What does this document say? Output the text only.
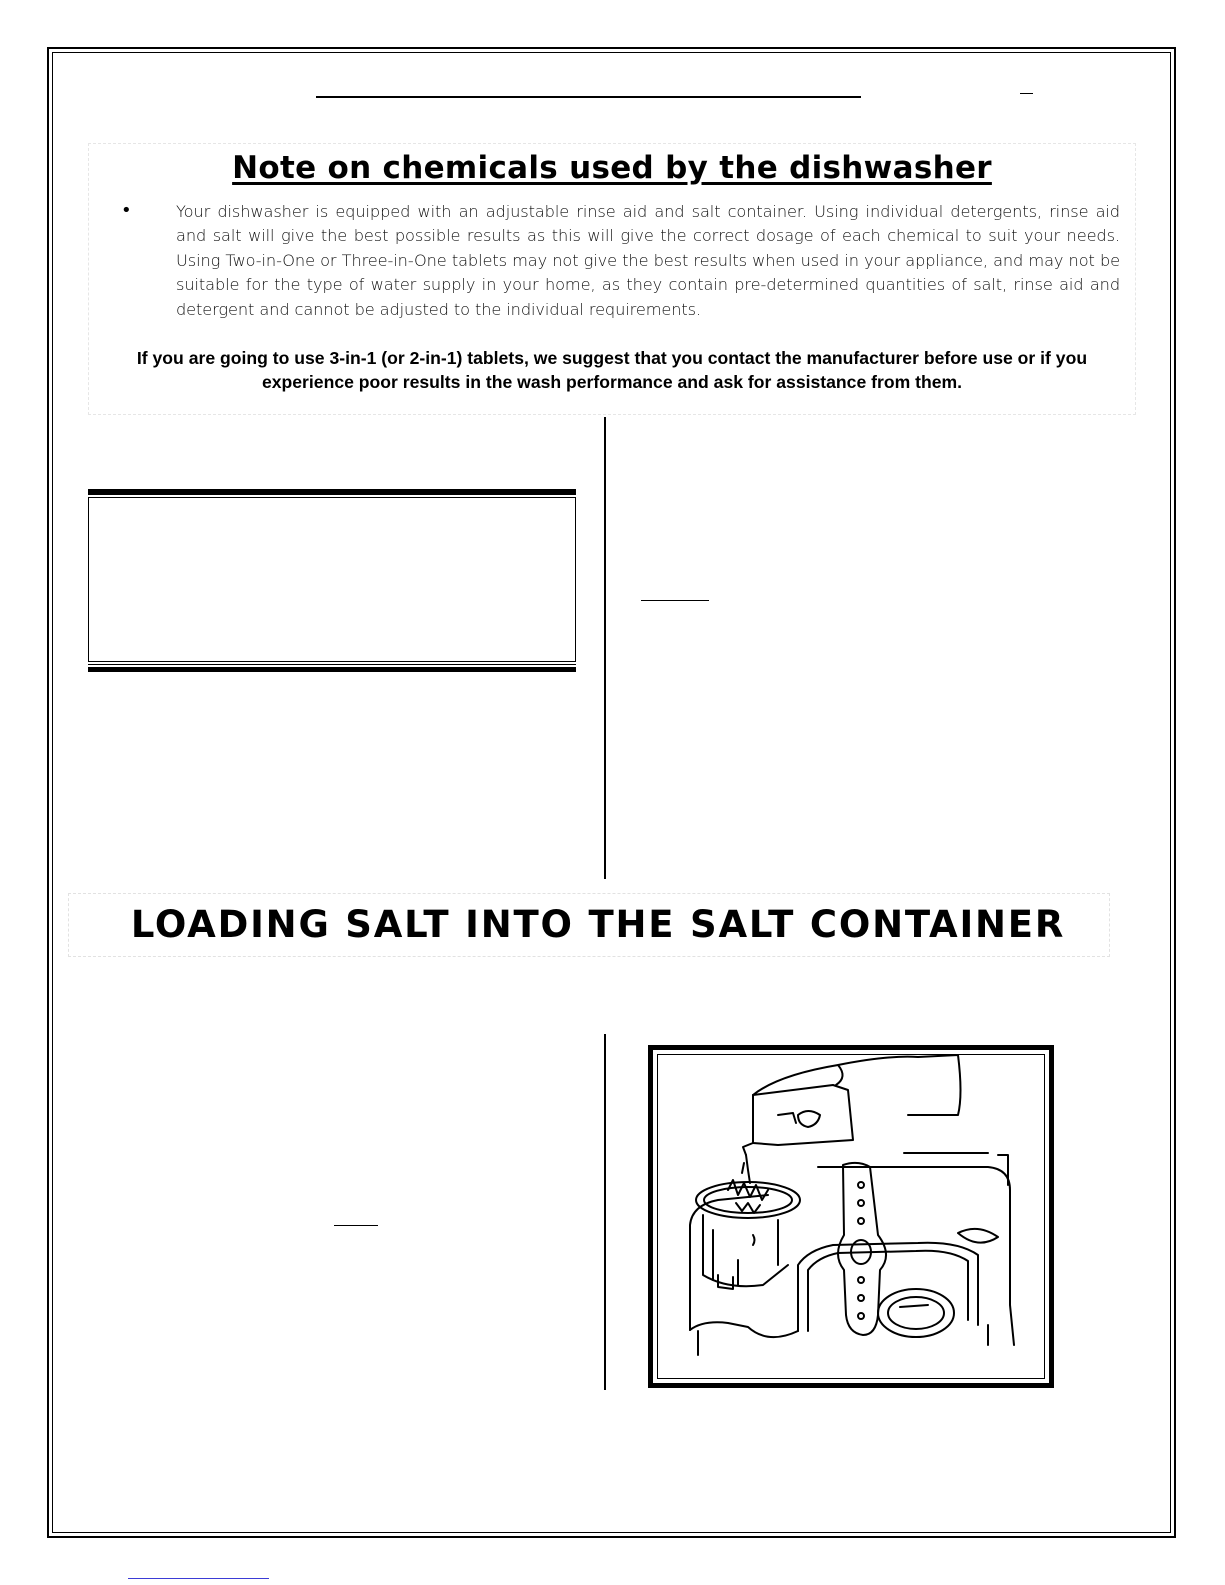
Note on chemicals used by the dishwasher
•	Your dishwasher is equipped with an adjustable rinse aid and salt container. Using individual detergents, rinse aid and salt will give the best possible results as this will give the correct dosage of each chemical to suit your needs. Using Two-in-One or Three-in-One tablets may not give the best results when used in your appliance, and may not be suitable for the type of water supply in your home, as they contain pre-determined quantities of salt, rinse aid and detergent and cannot be adjusted to the individual requirements.
If you are going to use 3-in-1 (or 2-in-1) tablets, we suggest that you contact the manufacturer before use or if you experience poor results in the wash performance and ask for assistance from them.
LOADING SALT INTO THE SALT CONTAINER
